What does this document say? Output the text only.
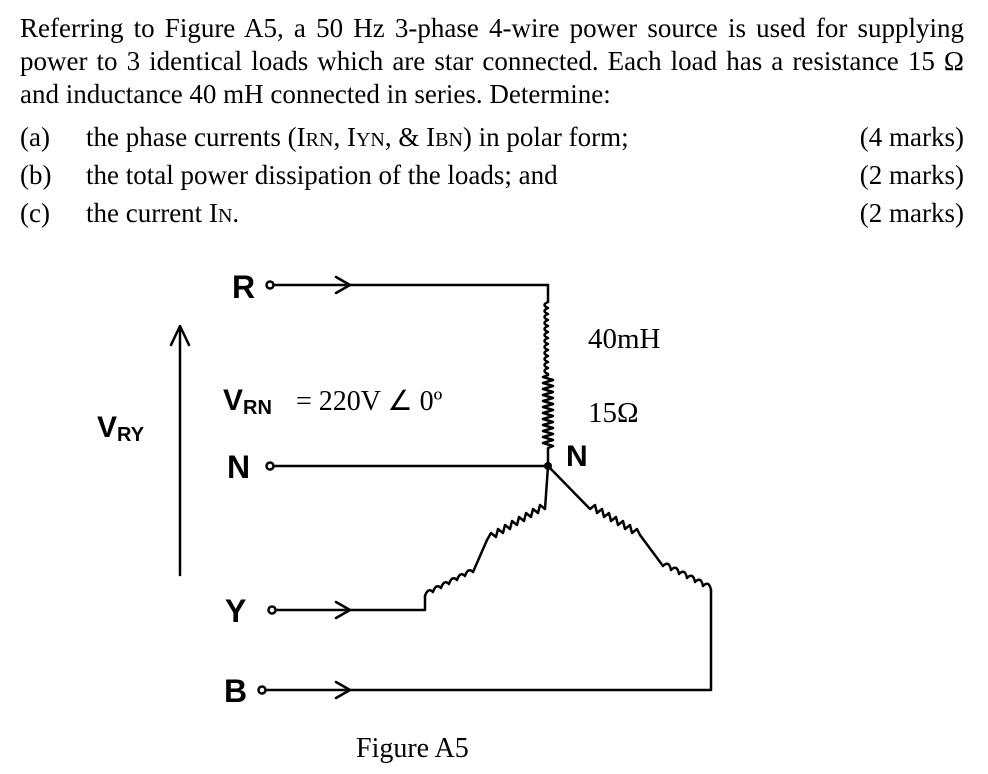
Referring to Figure A5, a 50 Hz 3-phase 4-wire power source is used for supplying power to 3 identical loads which are star connected. Each load has a resistance 15 Ω and inductance 40 mH connected in series. Determine:
(a) the phase currents (IRN, IYN, & IBN) in polar form;	(4 marks)
(b) the total power dissipation of the loads; and	(2 marks)
(c) the current IN.	(2 marks)
R
N
Y
B
VRY
VRN = 220V ∠ 0º
40mH
15Ω
N
Figure A5
